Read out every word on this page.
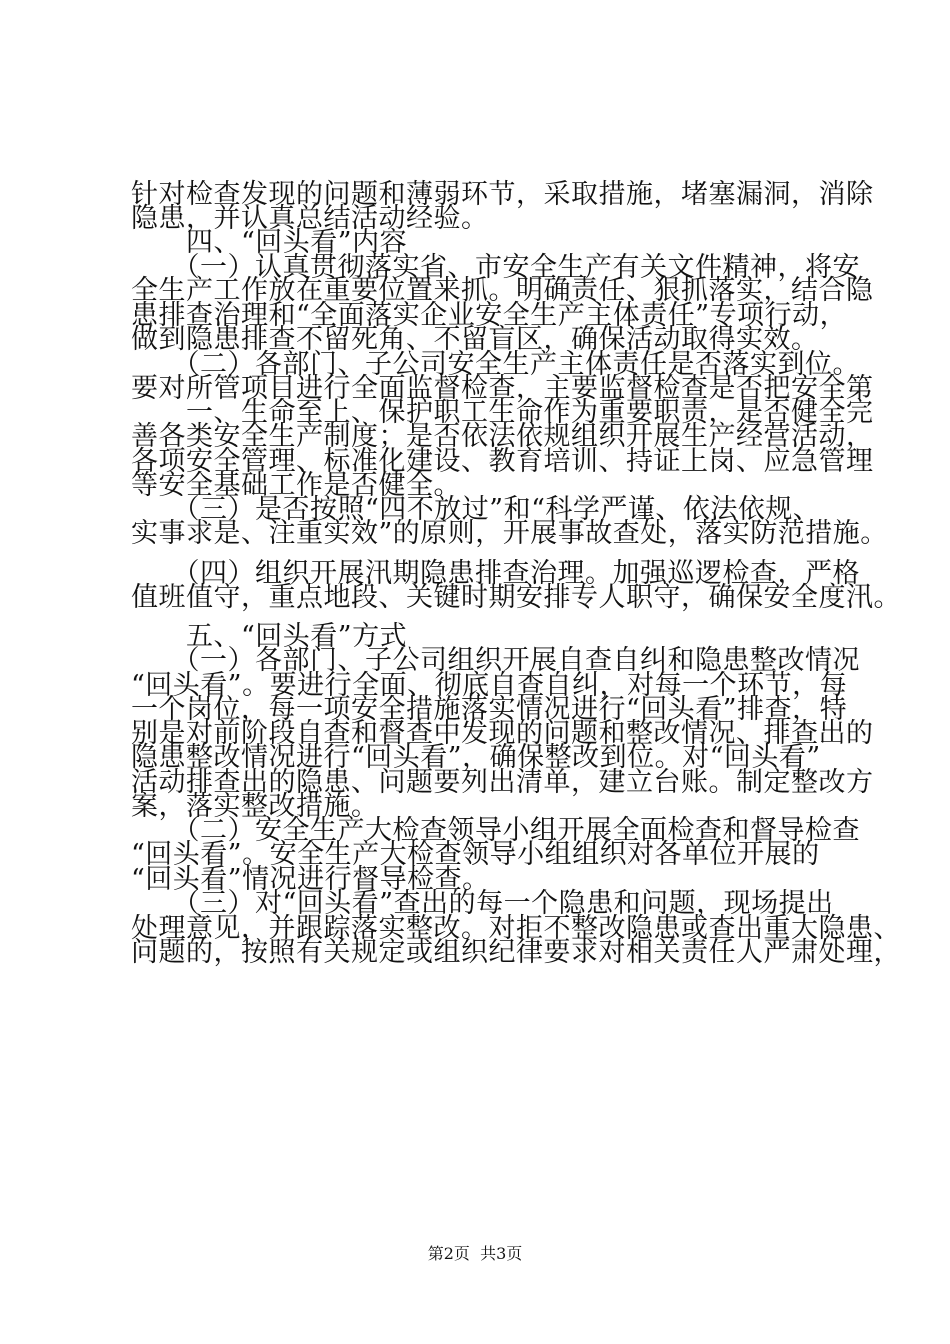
针对检查发现的问题和薄弱环节，采取措施，堵塞漏洞，消除
隐患，并认真总结活动经验。
　　四、“回头看”内容
　　（一）认真贯彻落实省、市安全生产有关文件精神，将安
全生产工作放在重要位置来抓。明确责任、狠抓落实，结合隐
患排查治理和“全面落实企业安全生产主体责任”专项行动，
做到隐患排查不留死角、不留盲区，确保活动取得实效。
　　（二）各部门、子公司安全生产主体责任是否落实到位。
要对所管项目进行全面监督检查，主要监督检查是否把安全第
　　一、生命至上、保护职工生命作为重要职责，是否健全完
善各类安全生产制度；是否依法依规组织开展生产经营活动，
各项安全管理、标准化建设、教育培训、持证上岗、应急管理
等安全基础工作是否健全。
　　（三）是否按照“四不放过”和“科学严谨、依法依规、
实事求是、注重实效”的原则，开展事故查处，落实防范措施。
　　（四）组织开展汛期隐患排查治理。加强巡逻检查，严格
值班值守，重点地段、关键时期安排专人职守，确保安全度汛。
　　五、“回头看”方式
　　（一）各部门、子公司组织开展自查自纠和隐患整改情况
“回头看”。要进行全面、彻底自查自纠，对每一个环节，每
一个岗位，每一项安全措施落实情况进行“回头看”排查，特
别是对前阶段自查和督查中发现的问题和整改情况、排查出的
隐患整改情况进行“回头看”，确保整改到位。对“回头看”
活动排查出的隐患、问题要列出清单，建立台账。制定整改方
案，落实整改措施。
　　（二）安全生产大检查领导小组开展全面检查和督导检查
“回头看”。安全生产大检查领导小组组织对各单位开展的
“回头看”情况进行督导检查。
　　（三）对“回头看”查出的每一个隐患和问题，现场提出
处理意见，并跟踪落实整改。对拒不整改隐患或查出重大隐患、
问题的，按照有关规定或组织纪律要求对相关责任人严肃处理，
第2页  共3页
